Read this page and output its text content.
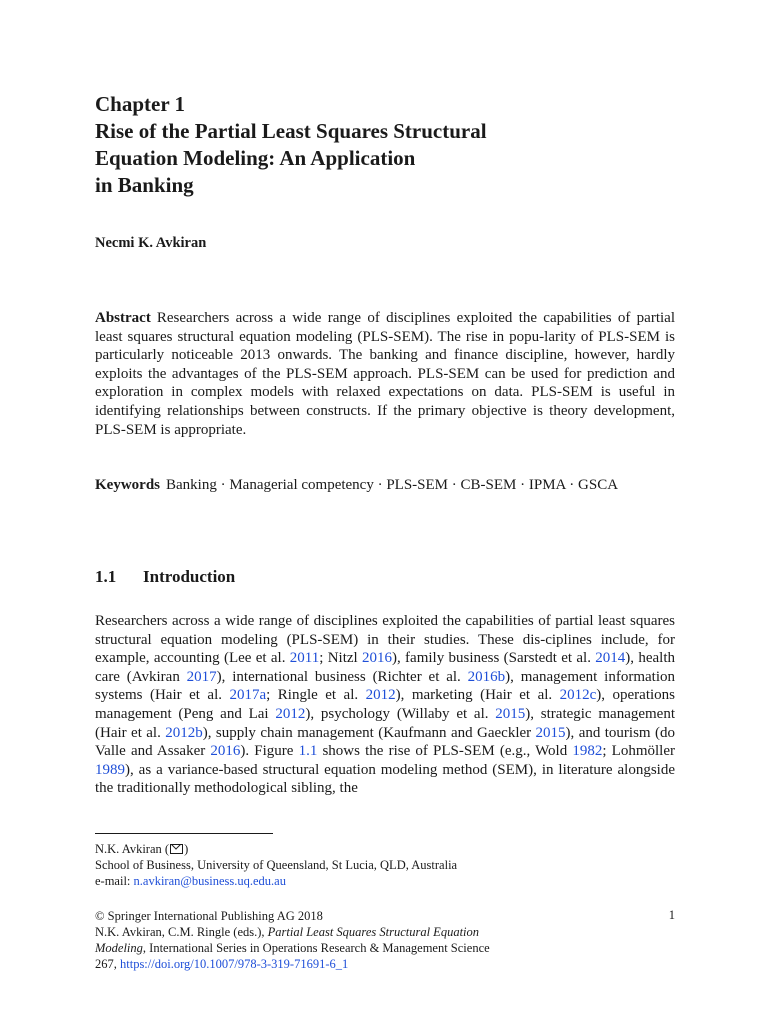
Chapter 1
Rise of the Partial Least Squares Structural
Equation Modeling: An Application
in Banking
Necmi K. Avkiran
Abstract Researchers across a wide range of disciplines exploited the capabilities of partial least squares structural equation modeling (PLS-SEM). The rise in popu-larity of PLS-SEM is particularly noticeable 2013 onwards. The banking and finance discipline, however, hardly exploits the advantages of the PLS-SEM approach. PLS-SEM can be used for prediction and exploration in complex models with relaxed expectations on data. PLS-SEM is useful in identifying relationships between constructs. If the primary objective is theory development, PLS-SEM is appropriate.
Keywords Banking · Managerial competency · PLS-SEM · CB-SEM · IPMA · GSCA
1.1 Introduction
Researchers across a wide range of disciplines exploited the capabilities of partial least squares structural equation modeling (PLS-SEM) in their studies. These dis-ciplines include, for example, accounting (Lee et al. 2011; Nitzl 2016), family business (Sarstedt et al. 2014), health care (Avkiran 2017), international business (Richter et al. 2016b), management information systems (Hair et al. 2017a; Ringle et al. 2012), marketing (Hair et al. 2012c), operations management (Peng and Lai 2012), psychology (Willaby et al. 2015), strategic management (Hair et al. 2012b), supply chain management (Kaufmann and Gaeckler 2015), and tourism (do Valle and Assaker 2016). Figure 1.1 shows the rise of PLS-SEM (e.g., Wold 1982; Lohmöller 1989), as a variance-based structural equation modeling method (SEM), in literature alongside the traditionally methodological sibling, the
N.K. Avkiran ( )
School of Business, University of Queensland, St Lucia, QLD, Australia
e-mail: n.avkiran@business.uq.edu.au
© Springer International Publishing AG 2018
N.K. Avkiran, C.M. Ringle (eds.), Partial Least Squares Structural Equation
Modeling, International Series in Operations Research & Management Science
267, https://doi.org/10.1007/978-3-319-71691-6_1
1
